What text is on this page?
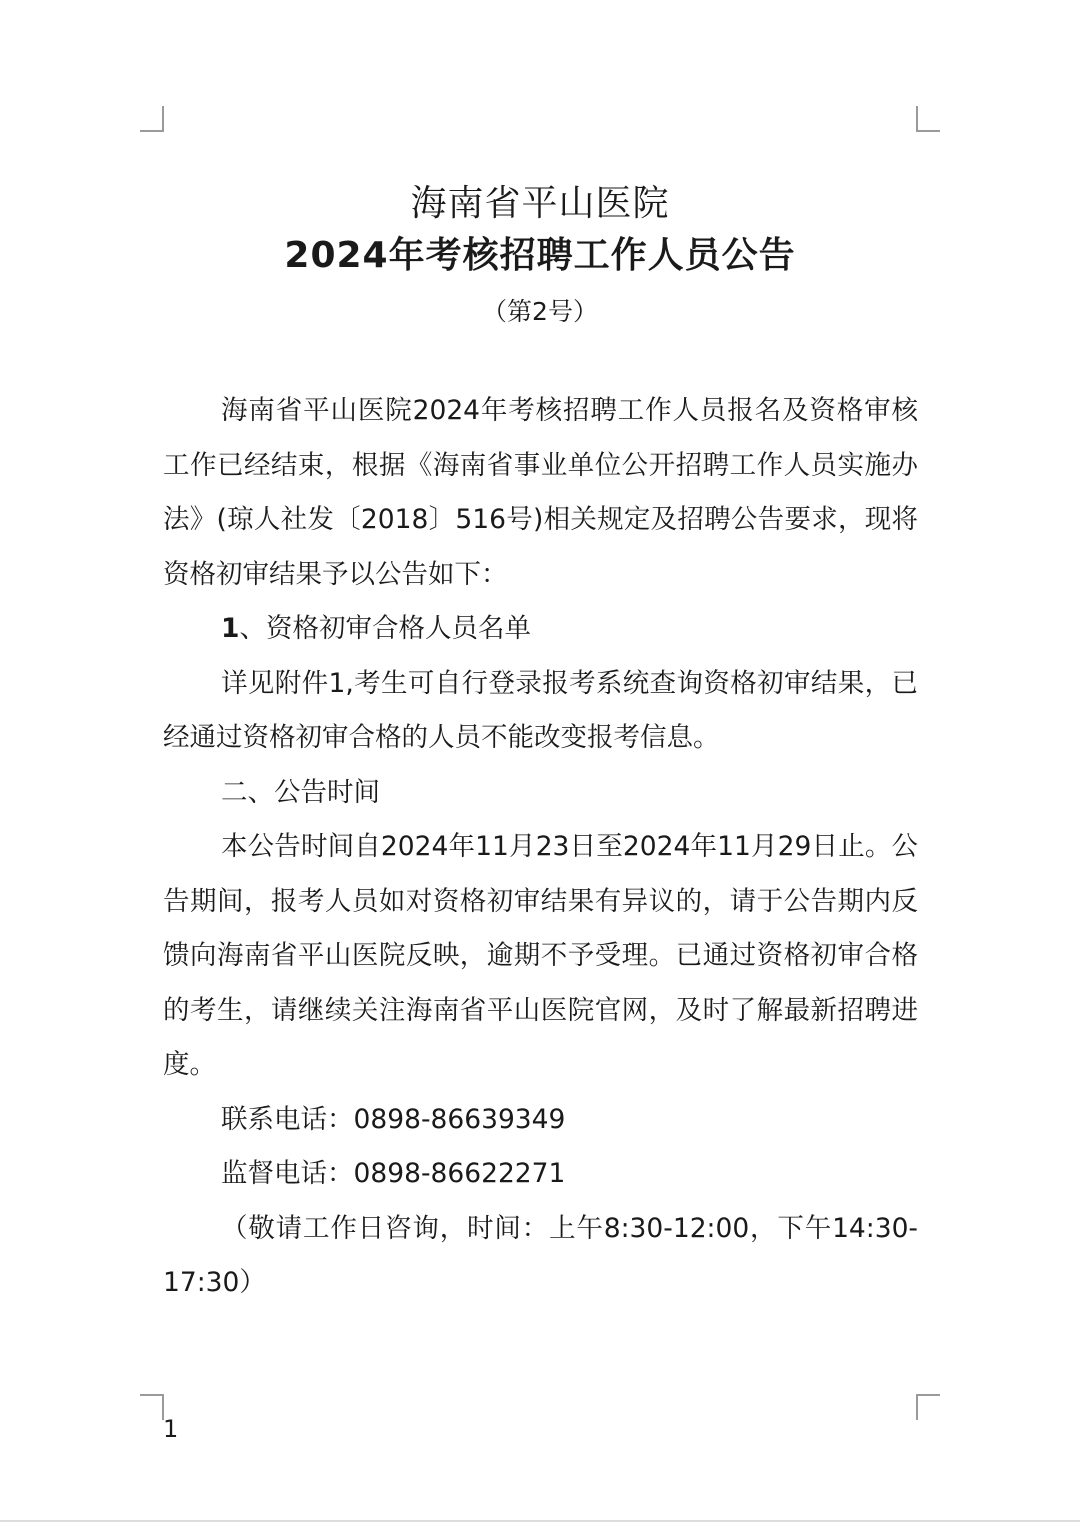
海南省平山医院
2024年考核招聘工作人员公告
（第2号）

海南省平山医院2024年考核招聘工作人员报名及资格审核工作已经结束，根据《海南省事业单位公开招聘工作人员实施办法》(琼人社发〔2018〕516号)相关规定及招聘公告要求，现将资格初审结果予以公告如下：

1、资格初审合格人员名单

详见附件1,考生可自行登录报考系统查询资格初审结果，已经通过资格初审合格的人员不能改变报考信息。

二、公告时间

本公告时间自2024年11月23日至2024年11月29日止。公告期间，报考人员如对资格初审结果有异议的，请于公告期内反馈向海南省平山医院反映，逾期不予受理。已通过资格初审合格的考生，请继续关注海南省平山医院官网，及时了解最新招聘进度。

联系电话：0898-86639349

监督电话：0898-86622271

（敬请工作日咨询，时间：上午8:30-12:00，下午14:30-17:30）

1
